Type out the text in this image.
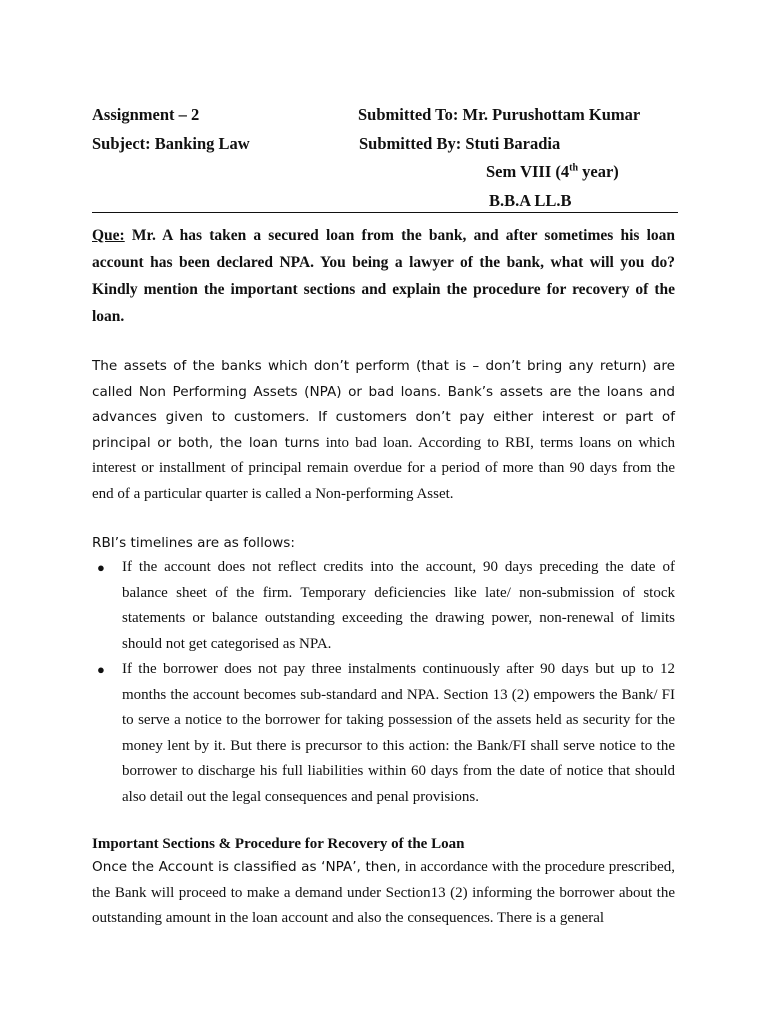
Assignment – 2	Submitted To: Mr. Purushottam Kumar
Subject: Banking Law	Submitted By: Stuti Baradia
Sem VIII (4th year)
B.B.A LL.B
Que: Mr. A has taken a secured loan from the bank, and after sometimes his loan account has been declared NPA. You being a lawyer of the bank, what will you do? Kindly mention the important sections and explain the procedure for recovery of the loan.
The assets of the banks which don’t perform (that is – don’t bring any return) are called Non Performing Assets (NPA) or bad loans. Bank’s assets are the loans and advances given to customers. If customers don’t pay either interest or part of principal or both, the loan turns into bad loan. According to RBI, terms loans on which interest or installment of principal remain overdue for a period of more than 90 days from the end of a particular quarter is called a Non-performing Asset.
RBI’s timelines are as follows:
● If the account does not reflect credits into the account, 90 days preceding the date of balance sheet of the firm. Temporary deficiencies like late/ non-submission of stock statements or balance outstanding exceeding the drawing power, non-renewal of limits should not get categorised as NPA.
● If the borrower does not pay three instalments continuously after 90 days but up to 12 months the account becomes sub-standard and NPA. Section 13 (2) empowers the Bank/ FI to serve a notice to the borrower for taking possession of the assets held as security for the money lent by it. But there is precursor to this action: the Bank/FI shall serve notice to the borrower to discharge his full liabilities within 60 days from the date of notice that should also detail out the legal consequences and penal provisions.
Important Sections & Procedure for Recovery of the Loan
Once the Account is classified as ‘NPA’, then, in accordance with the procedure prescribed, the Bank will proceed to make a demand under Section13 (2) informing the borrower about the outstanding amount in the loan account and also the consequences. There is a general
